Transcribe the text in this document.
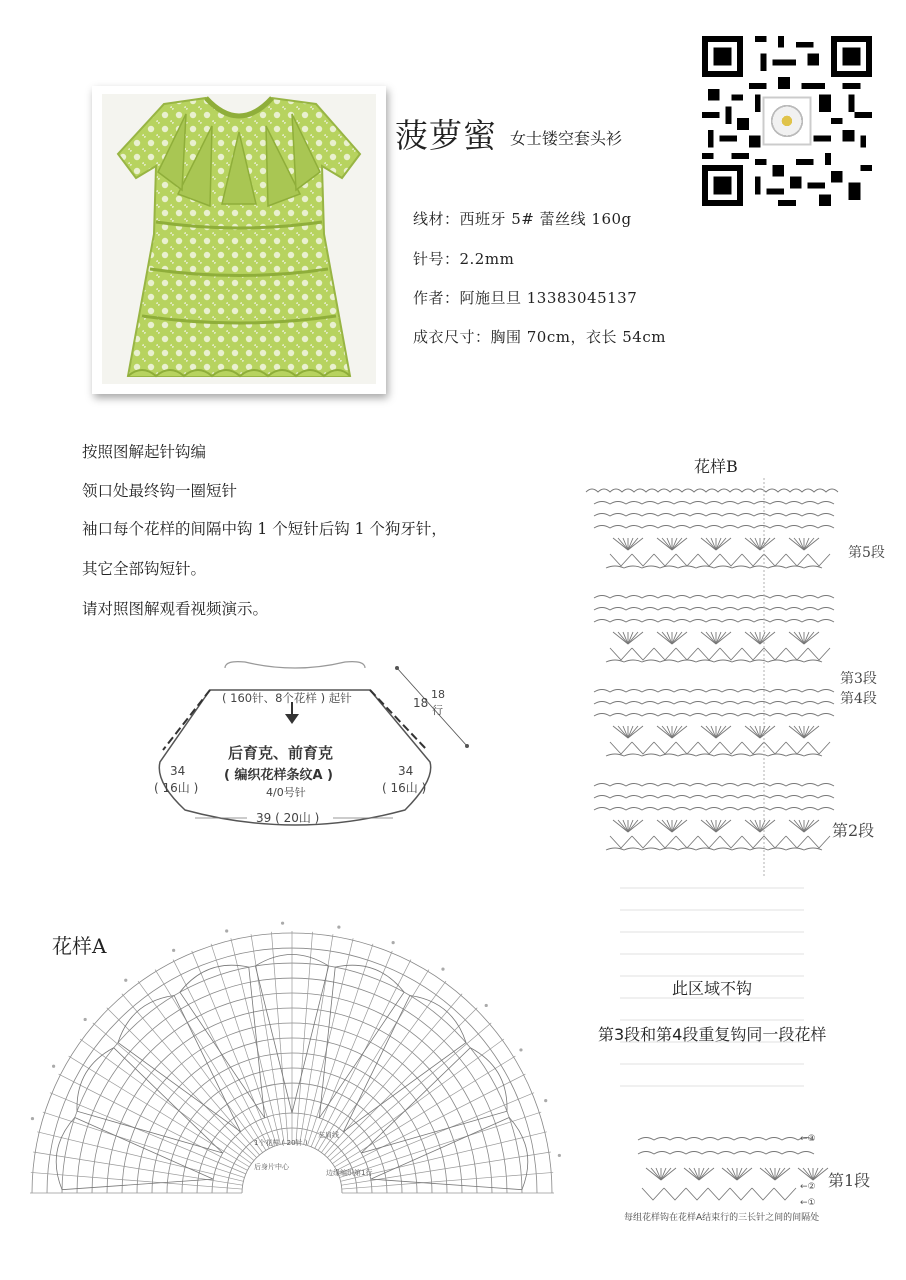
菠萝蜜 女士镂空套头衫
线材：西班牙 5# 蕾丝线 160g
针号：2.2mm
作者：阿施旦旦 13383045137
成衣尺寸：胸围 70cm，衣长 54cm
按照图解起针钩编
领口处最终钩一圈短针
袖口每个花样的间隔中钩 1 个短针后钩 1 个狗牙针，
其它全部钩短针。
请对照图解观看视频演示。
( 160针、8个花样 ) 起针
后育克、前育克
( 编织花样条纹A )
4/0号针
34
( 16山 )
34
( 16山 )
39 ( 20山 )
18
18
行
花样B
第5段
第3段
第4段
第2段
第1段
此区域不钩
第3段和第4段重复钩同一段花样
←③
←②
←①
每组花样钩在花样A结束行的三长针之间的间隔处
花样A
1个花样 ( 20针 )
左肩线
后身片中心
边缘编织第1行
